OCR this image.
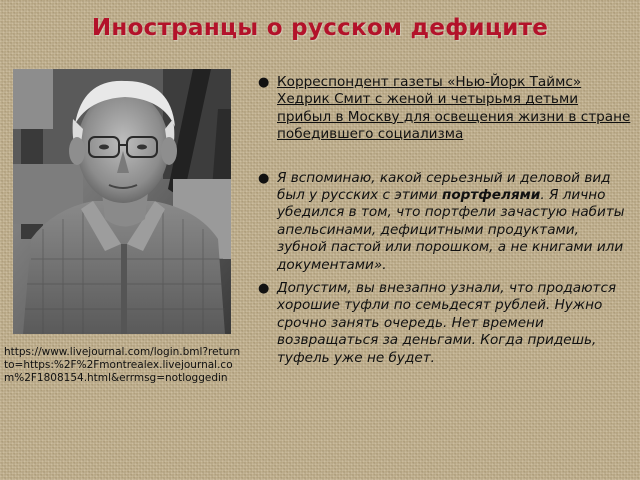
Иностранцы о русском дефиците
https://www.livejournal.com/login.bml?returnto=https:%2F%2Fmontrealex.livejournal.com%2F1808154.html&errmsg=notloggedin
● Корреспондент газеты «Нью-Йорк Таймс» Хедрик Смит с женой и четырьмя детьми прибыл в Москву для освещения жизни в стране победившего социализма
● Я вспоминаю, какой серьезный и деловой вид был у русских с этими портфелями. Я лично убедился в том, что портфели зачастую набиты апельсинами, дефицитными продуктами, зубной пастой или порошком, а не книгами или документами».
● Допустим, вы внезапно узнали, что продаются хорошие туфли по семьдесят рублей. Нужно срочно занять очередь. Нет времени возвращаться за деньгами. Когда придешь, туфель уже не будет.
